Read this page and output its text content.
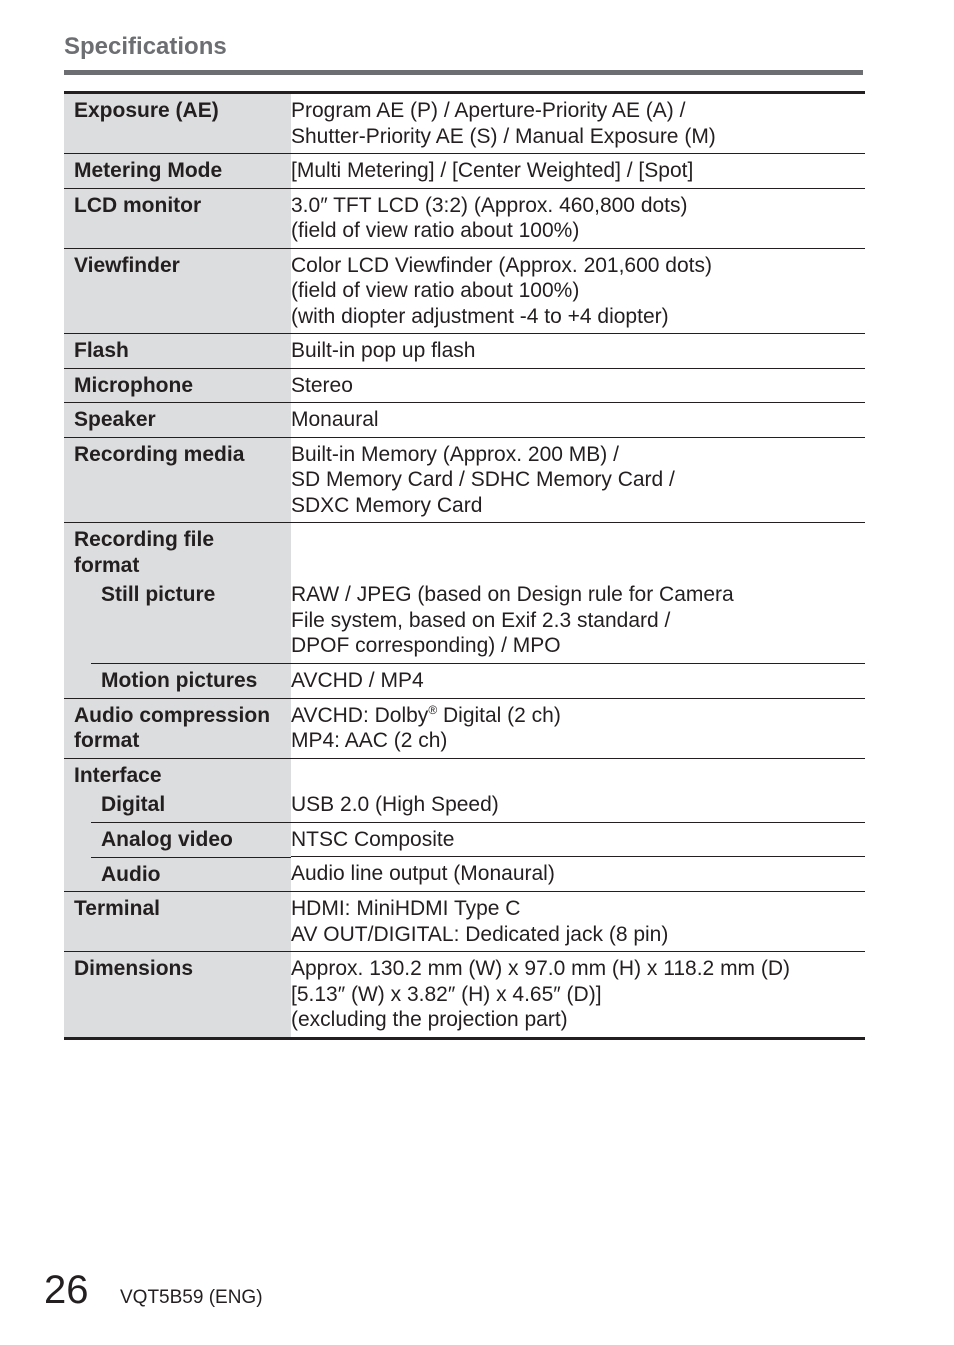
Specifications
Exposure (AE)	Program AE (P) / Aperture-Priority AE (A) /
Shutter-Priority AE (S) / Manual Exposure (M)

Metering Mode	[Multi Metering] / [Center Weighted] / [Spot]

LCD monitor	3.0″ TFT LCD (3:2) (Approx. 460,800 dots)
(field of view ratio about 100%)

Viewfinder	Color LCD Viewfinder (Approx. 201,600 dots)
(field of view ratio about 100%)
(with diopter adjustment -4 to +4 diopter)

Flash	Built-in pop up flash

Microphone	Stereo

Speaker	Monaural

Recording media	Built-in Memory (Approx. 200 MB) /
SD Memory Card / SDHC Memory Card /
SDXC Memory Card

Recording file
format	

Still picture	RAW / JPEG (based on Design rule for Camera
File system, based on Exif 2.3 standard /
DPOF corresponding) / MPO

Motion pictures	AVCHD / MP4

Audio compression
format	AVCHD: Dolby® Digital (2 ch)
MP4: AAC (2 ch)

Interface	

Digital	USB 2.0 (High Speed)

Analog video	NTSC Composite

Audio	Audio line output (Monaural)

Terminal	HDMI: MiniHDMI Type C
AV OUT/DIGITAL: Dedicated jack (8 pin)

Dimensions	Approx. 130.2 mm (W) x 97.0 mm (H) x 118.2 mm (D)
[5.13″ (W) x 3.82″ (H) x 4.65″ (D)]
(excluding the projection part)
26 VQT5B59 (ENG)
